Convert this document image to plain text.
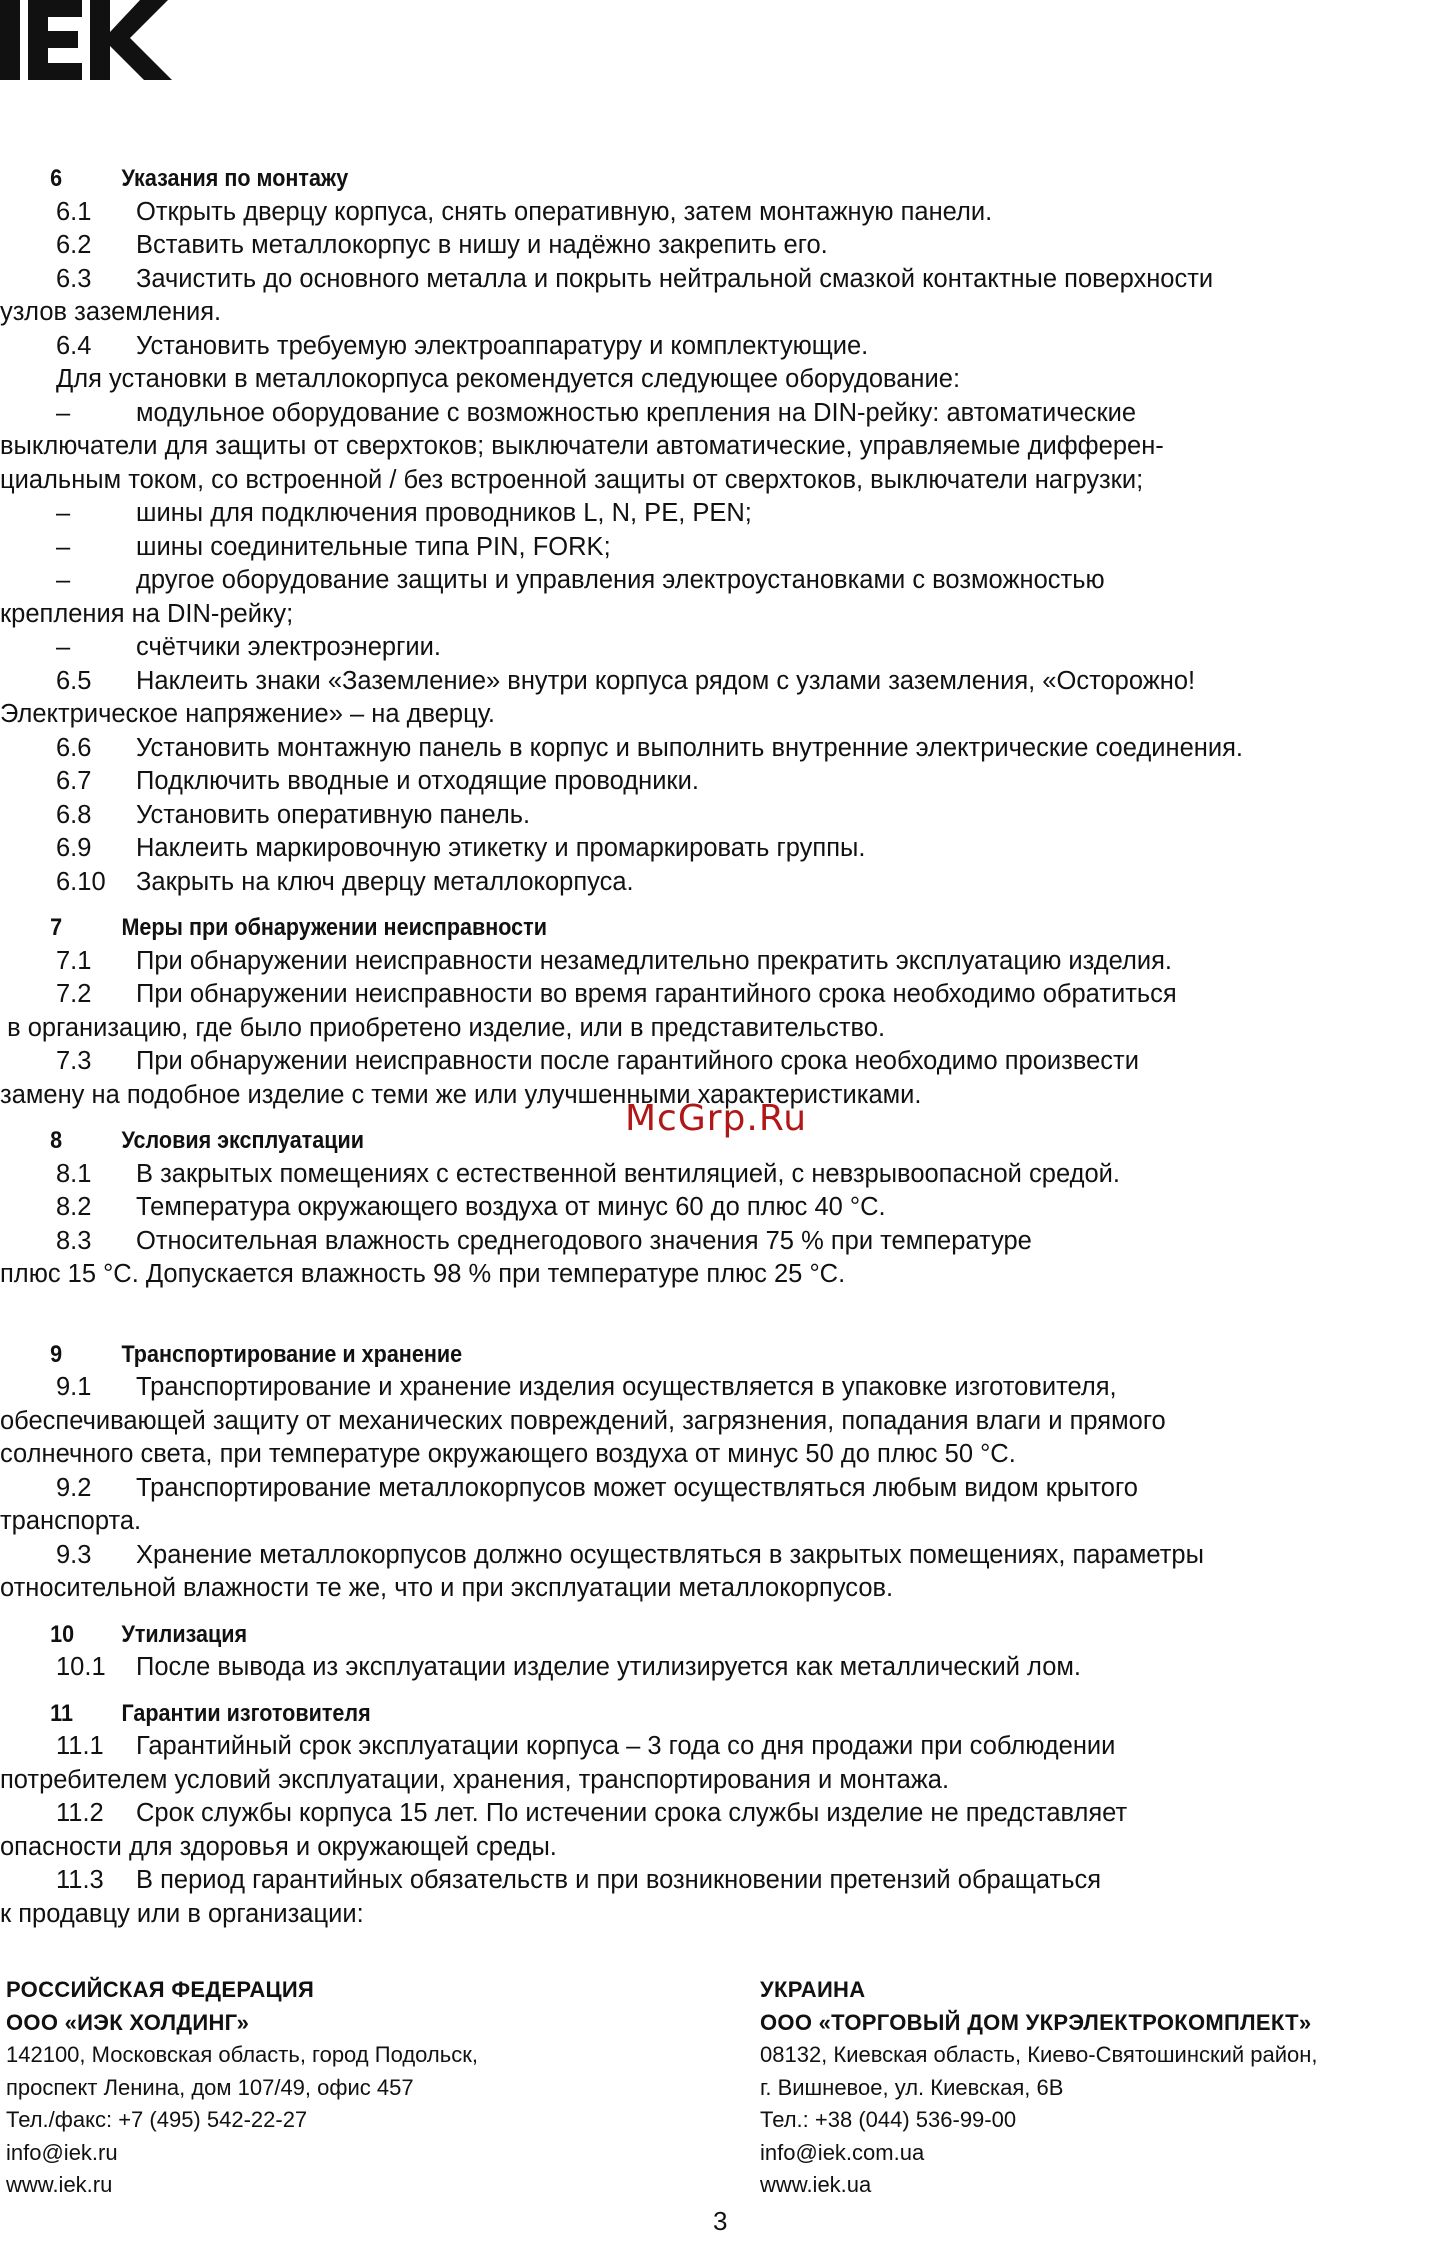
6 Указания по монтажу
6.1 Открыть дверцу корпуса, снять оперативную, затем монтажную панели.
6.2 Вставить металлокорпус в нишу и надёжно закрепить его.
6.3 Зачистить до основного металла и покрыть нейтральной смазкой контактные поверхности
узлов заземления.
6.4 Установить требуемую электроаппаратуру и комплектующие.
Для установки в металлокорпуса рекомендуется следующее оборудование:
–	модульное оборудование с возможностью крепления на DIN-рейку: автоматические
выключатели для защиты от сверхтоков; выключатели автоматические, управляемые дифферен-
циальным током, со встроенной / без встроенной защиты от сверхтоков, выключатели нагрузки;
–	шины для подключения проводников L, N, PE, PEN;
–	шины соединительные типа PIN, FORK;
–	другое оборудование защиты и управления электроустановками с возможностью
крепления на DIN-рейку;
–	счётчики электроэнергии.
6.5 Наклеить знаки «Заземление» внутри корпуса рядом с узлами заземления, «Осторожно!
Электрическое напряжение» – на дверцу.
6.6 Установить монтажную панель в корпус и выполнить внутренние электрические соединения.
6.7 Подключить вводные и отходящие проводники.
6.8 Установить оперативную панель.
6.9 Наклеить маркировочную этикетку и промаркировать группы.
6.10 Закрыть на ключ дверцу металлокорпуса.
7 Меры при обнаружении неисправности
7.1 При обнаружении неисправности незамедлительно прекратить эксплуатацию изделия.
7.2 При обнаружении неисправности во время гарантийного срока необходимо обратиться
в организацию, где было приобретено изделие, или в представительство.
7.3 При обнаружении неисправности после гарантийного срока необходимо произвести
замену на подобное изделие с теми же или улучшенными характеристиками.
8 Условия эксплуатации
8.1 В закрытых помещениях с естественной вентиляцией, с невзрывоопасной средой.
8.2 Температура окружающего воздуха от минус 60 до плюс 40 °С.
8.3 Относительная влажность среднегодового значения 75 % при температуре
плюс 15 °С. Допускается влажность 98 % при температуре плюс 25 °С.
9 Транспортирование и хранение
9.1 Транспортирование и хранение изделия осуществляется в упаковке изготовителя,
обеспечивающей защиту от механических повреждений, загрязнения, попадания влаги и прямого
солнечного света, при температуре окружающего воздуха от минус 50 до плюс 50 °С.
9.2 Транспортирование металлокорпусов может осуществляться любым видом крытого
транспорта.
9.3 Хранение металлокорпусов должно осуществляться в закрытых помещениях, параметры
относительной влажности те же, что и при эксплуатации металлокорпусов.
10 Утилизация
10.1 После вывода из эксплуатации изделие утилизируется как металлический лом.
11 Гарантии изготовителя
11.1 Гарантийный срок эксплуатации корпуса – 3 года со дня продажи при соблюдении
потребителем условий эксплуатации, хранения, транспортирования и монтажа.
11.2 Срок службы корпуса 15 лет. По истечении срока службы изделие не представляет
опасности для здоровья и окружающей среды.
11.3 В период гарантийных обязательств и при возникновении претензий обращаться
к продавцу или в организации:
McGrp.Ru
РОССИЙСКАЯ ФЕДЕРАЦИЯ
ООО «ИЭК ХОЛДИНГ»
142100, Московская область, город Подольск,
проспект Ленина, дом 107/49, офис 457
Тел./факс: +7 (495) 542-22-27
info@iek.ru
www.iek.ru
УКРАИНА
ООО «ТОРГОВЫЙ ДОМ УКРЭЛЕКТРОКОМПЛЕКТ»
08132, Киевская область, Киево-Святошинский район,
г. Вишневое, ул. Киевская, 6В
Тел.: +38 (044) 536-99-00
info@iek.com.ua
www.iek.ua
3
